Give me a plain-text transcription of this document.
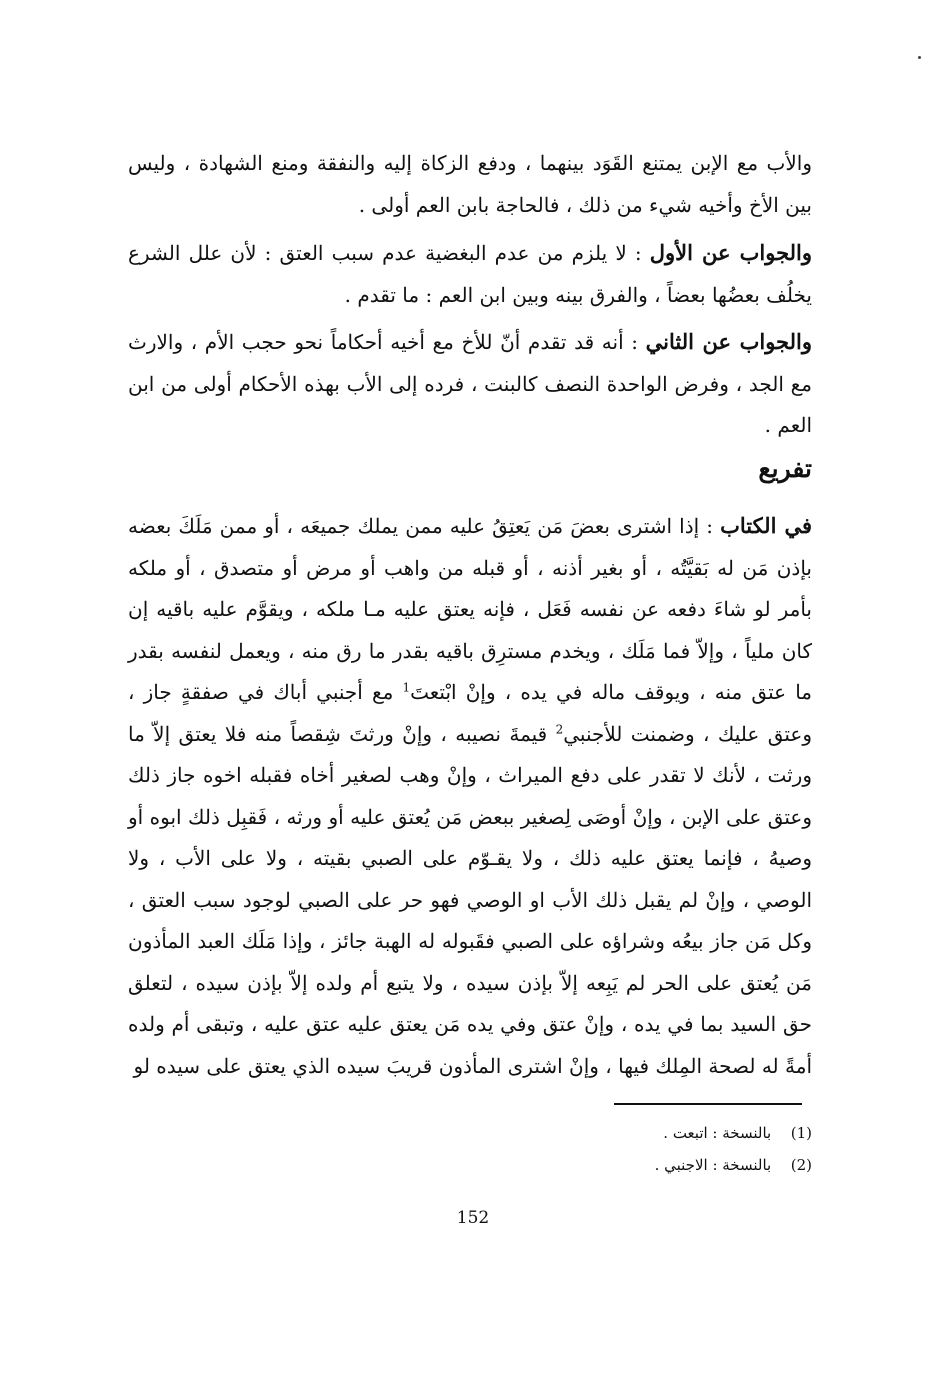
والأب مع الإبن يمتنع القَوَد بينهما ، ودفع الزكاة إليه والنفقة ومنع الشهادة ، وليس بين الأخ وأخيه شيء من ذلك ، فالحاجة بابن العم أولى .

والجواب عن الأول : لا يلزم من عدم البغضية عدم سبب العتق : لأن علل الشرع يخلُف بعضُها بعضاً ، والفرق بينه وبين ابن العم : ما تقدم .

والجواب عن الثاني : أنه قد تقدم أنّ للأخ مع أخيه أحكاماً نحو حجب الأم ، والارث مع الجد ، وفرض الواحدة النصف كالبنت ، فرده إلى الأب بهذه الأحكام أولى من ابن العم .

تفريع

في الكتاب : إذا اشترى بعضَ مَن يَعتِقُ عليه ممن يملك جميعَه ، أو ممن مَلَكَ بعضه بإذن مَن له بَقيَّتُه ، أو بغير أذنه ، أو قبله من واهب أو مرض أو متصدق ، أو ملكه بأمر لو شاءَ دفعه عن نفسه فَعَل ، فإنه يعتق عليه مـا ملكه ، ويقوَّم عليه باقيه إن كان ملياً ، وإلاّ فما مَلَك ، ويخدم مسترِق باقيه بقدر ما رق منه ، ويعمل لنفسه بقدر ما عتق منه ، ويوقف ماله في يده ، وإنْ ابْتعتَ$^1$ مع أجنبي أباك في صفقةٍ جاز ، وعتق عليك ، وضمنت للأجنبي$^2$ قيمةَ نصيبه ، وإنْ ورثتَ شِقصاً منه فلا يعتق إلاّ ما ورثت ، لأنك لا تقدر على دفع الميراث ، وإنْ وهب لصغير أخاه فقبله اخوه جاز ذلك وعتق على الإبن ، وإنْ أوصَى لِصغير ببعض مَن يُعتق عليه أو ورثه ، فَقبِل ذلك ابوه أو وصيهُ ، فإنما يعتق عليه ذلك ، ولا يقـوّم على الصبي بقيته ، ولا على الأب ، ولا الوصي ، وإنْ لم يقبل ذلك الأب او الوصي فهو حر على الصبي لوجود سبب العتق ، وكل مَن جاز بيعُه وشراؤه على الصبي فقَبوله له الهبة جائز ، وإذا مَلَك العبد المأذون مَن يُعتق على الحر لم يَبِعه إلاّ بإذن سيده ، ولا يتبع أم ولده إلاّ بإذن سيده ، لتعلق حق السيد بما في يده ، وإنْ عتق وفي يده مَن يعتق عليه عتق عليه ، وتبقى أم ولده أمةً له لصحة المِلك فيها ، وإنْ اشترى المأذون قريبَ سيده الذي يعتق على سيده لو

(1) بالنسخة : اتبعت .
(2) بالنسخة : الاجنبي .
152
